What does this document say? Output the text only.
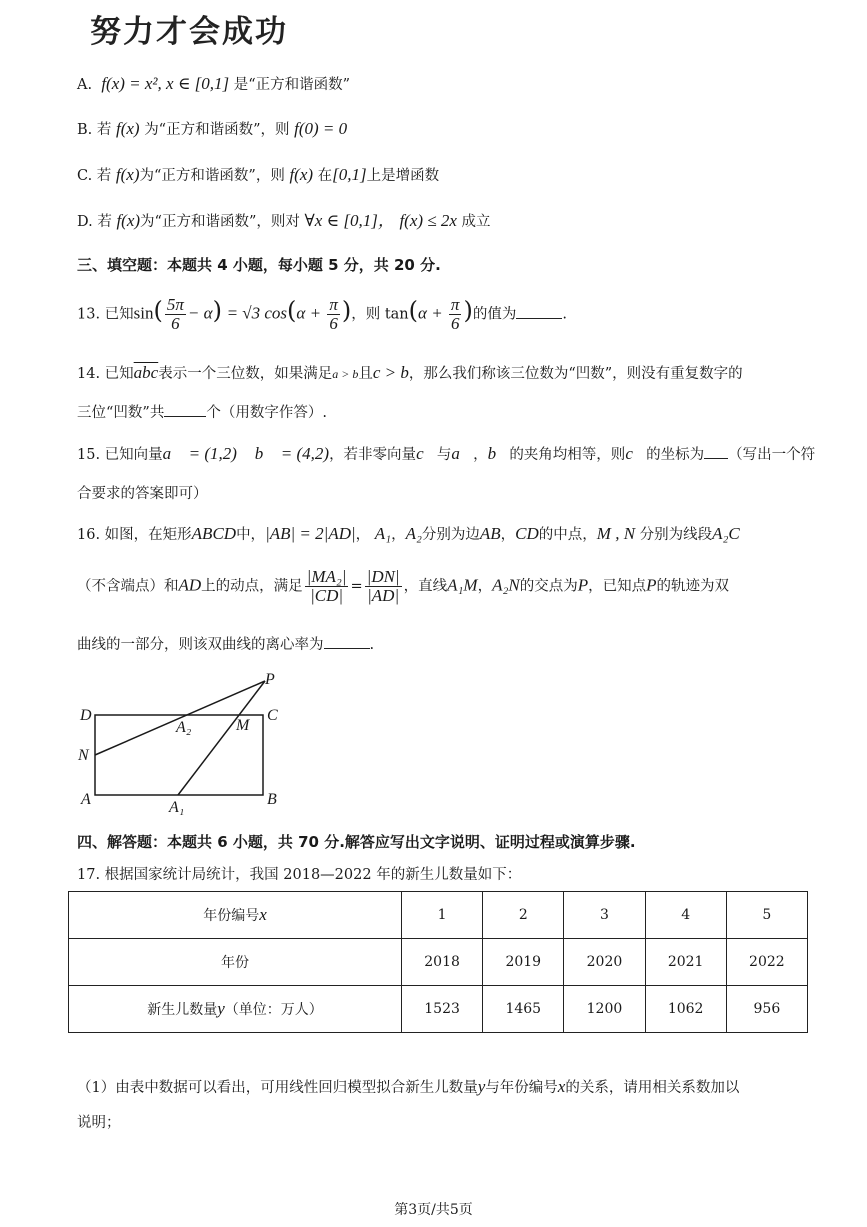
努力才会成功
A. f(x) = x², x ∈ [0,1] 是“正方和谐函数”
B. 若 f(x) 为“正方和谐函数”，则 f(0) = 0
C. 若 f(x)为“正方和谐函数”，则 f(x) 在[0,1]上是增函数
D. 若 f(x)为“正方和谐函数”，则对 ∀x ∈ [0,1]， f(x) ≤ 2x 成立
三、填空题：本题共 4 小题，每小题 5 分，共 20 分.
13. 已知$\sin( \frac{5\pi}{6} - \alpha) = √3$ $\cos(\alpha + \frac{\pi}{6}$ )，则 $\tan(\alpha + \frac{\pi}{6}$ )的值为	.
14. 已知$\overline{abc}$表示一个三位数，如果满足a > b且c > b，那么我们称该三位数为“凹数”，则没有重复数字的
三位“凹数”共	个（用数字作答）.
15. 已知向量a⃗ = (1,2)， b⃗ = (4,2)，若非零向量c⃗与a⃗，b⃗的夹角均相等，则c⃗的坐标为 （写出一个符
合要求的答案即可）
16. 如图，在矩形ABCD中，|AB| = 2|AD|， A₁，A₂分别为边AB，CD的中点，M , N 分别为线段A₂C
（不含端点）和AD上的动点，满足 $\frac{\text{|MA₂|}}{|CD|} = \frac{|DN|}{|AD|}$ ，直线A₁M，A₂N的交点为P，已知点P的轨迹为双
曲线的一部分，则该双曲线的离心率为	.
D	C
A	B
N
M
P
A₁
A₂
四、解答题：本题共 6 小题，共 70 分.解答应写出文字说明、证明过程或演算步骤.
17. 根据国家统计局统计，我国 2018—2022 年的新生儿数量如下：
年份编号x	1	2	3	4	5
年份	2018	2019	2020	2021	2022
新生儿数量y（单位：万人）	1523	1465	1200	1062	956
（1）由表中数据可以看出，可用线性回归模型拟合新生儿数量y与年份编号x的关系，请用相关系数加以
说明；
第3页/共5页
